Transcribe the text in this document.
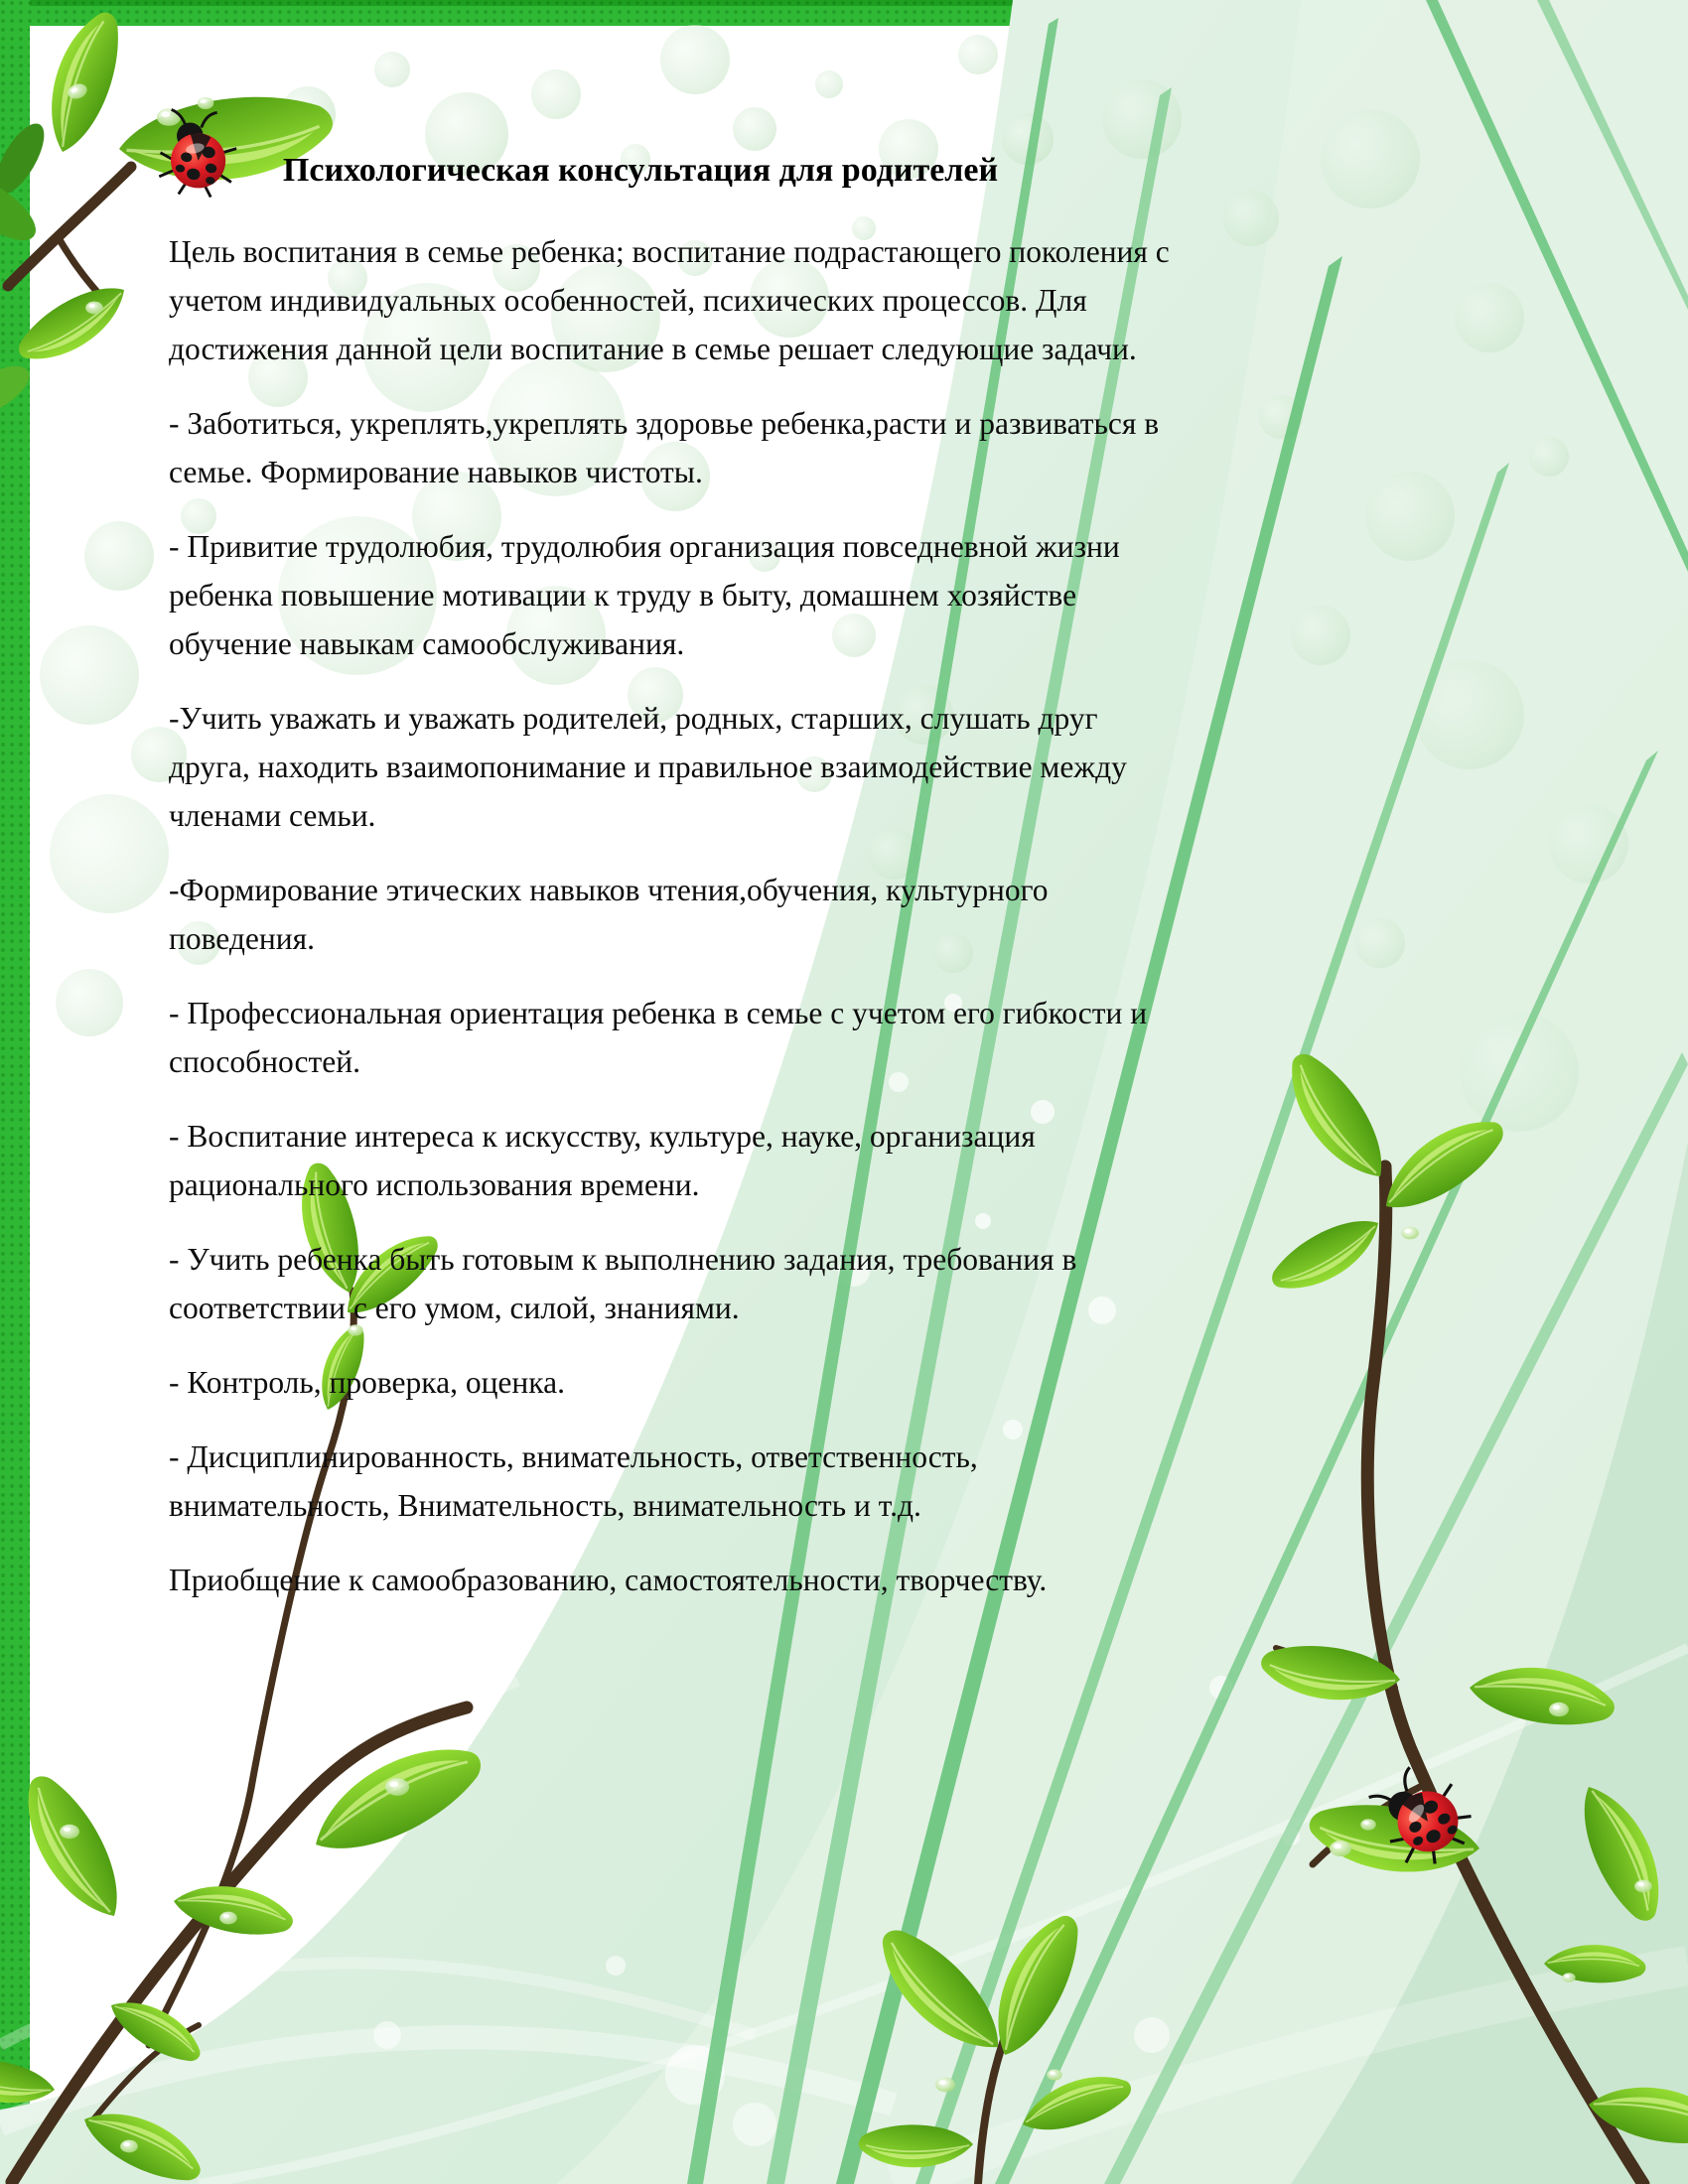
Психологическая консультация для родителей

Цель воспитания в семье ребенка; воспитание подрастающего поколения с учетом индивидуальных особенностей, психических процессов. Для достижения данной цели воспитание в семье решает следующие задачи.

- Заботиться, укреплять,укреплять здоровье ребенка,расти и развиваться в семье. Формирование навыков чистоты.

- Привитие трудолюбия, трудолюбия организация повседневной жизни ребенка повышение мотивации к труду в быту, домашнем хозяйстве обучение навыкам самообслуживания.

-Учить уважать и уважать родителей, родных, старших, слушать друг друга, находить взаимопонимание и правильное взаимодействие между членами семьи.

-Формирование этических навыков чтения,обучения, культурного поведения.

- Профессиональная ориентация ребенка в семье с учетом его гибкости и способностей.

- Воспитание интереса к искусству, культуре, науке, организация рационального использования времени.

- Учить ребенка быть готовым к выполнению задания, требования в соответствии с его умом, силой, знаниями.

- Контроль, проверка, оценка.

- Дисциплинированность, внимательность, ответственность, внимательность, Внимательность, внимательность и т.д.

Приобщение к самообразованию, самостоятельности, творчеству.
